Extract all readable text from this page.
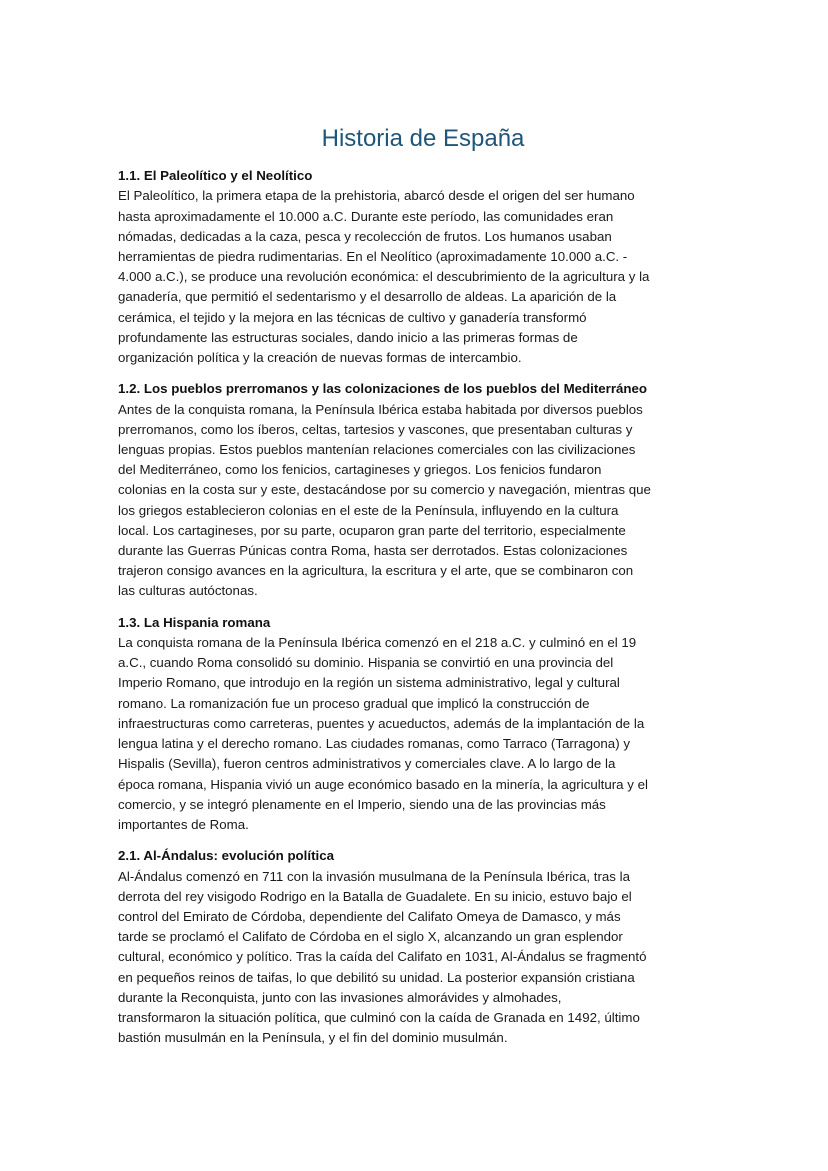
Historia de España

1.1. El Paleolítico y el Neolítico

El Paleolítico, la primera etapa de la prehistoria, abarcó desde el origen del ser humano
hasta aproximadamente el 10.000 a.C. Durante este período, las comunidades eran
nómadas, dedicadas a la caza, pesca y recolección de frutos. Los humanos usaban
herramientas de piedra rudimentarias. En el Neolítico (aproximadamente 10.000 a.C. -
4.000 a.C.), se produce una revolución económica: el descubrimiento de la agricultura y la
ganadería, que permitió el sedentarismo y el desarrollo de aldeas. La aparición de la
cerámica, el tejido y la mejora en las técnicas de cultivo y ganadería transformó
profundamente las estructuras sociales, dando inicio a las primeras formas de
organización política y la creación de nuevas formas de intercambio.

1.2. Los pueblos prerromanos y las colonizaciones de los pueblos del Mediterráneo

Antes de la conquista romana, la Península Ibérica estaba habitada por diversos pueblos
prerromanos, como los íberos, celtas, tartesios y vascones, que presentaban culturas y
lenguas propias. Estos pueblos mantenían relaciones comerciales con las civilizaciones
del Mediterráneo, como los fenicios, cartagineses y griegos. Los fenicios fundaron
colonias en la costa sur y este, destacándose por su comercio y navegación, mientras que
los griegos establecieron colonias en el este de la Península, influyendo en la cultura
local. Los cartagineses, por su parte, ocuparon gran parte del territorio, especialmente
durante las Guerras Púnicas contra Roma, hasta ser derrotados. Estas colonizaciones
trajeron consigo avances en la agricultura, la escritura y el arte, que se combinaron con
las culturas autóctonas.

1.3. La Hispania romana

La conquista romana de la Península Ibérica comenzó en el 218 a.C. y culminó en el 19
a.C., cuando Roma consolidó su dominio. Hispania se convirtió en una provincia del
Imperio Romano, que introdujo en la región un sistema administrativo, legal y cultural
romano. La romanización fue un proceso gradual que implicó la construcción de
infraestructuras como carreteras, puentes y acueductos, además de la implantación de la
lengua latina y el derecho romano. Las ciudades romanas, como Tarraco (Tarragona) y
Hispalis (Sevilla), fueron centros administrativos y comerciales clave. A lo largo de la
época romana, Hispania vivió un auge económico basado en la minería, la agricultura y el
comercio, y se integró plenamente en el Imperio, siendo una de las provincias más
importantes de Roma.

2.1. Al-Ándalus: evolución política

Al-Ándalus comenzó en 711 con la invasión musulmana de la Península Ibérica, tras la
derrota del rey visigodo Rodrigo en la Batalla de Guadalete. En su inicio, estuvo bajo el
control del Emirato de Córdoba, dependiente del Califato Omeya de Damasco, y más
tarde se proclamó el Califato de Córdoba en el siglo X, alcanzando un gran esplendor
cultural, económico y político. Tras la caída del Califato en 1031, Al-Ándalus se fragmentó
en pequeños reinos de taifas, lo que debilitó su unidad. La posterior expansión cristiana
durante la Reconquista, junto con las invasiones almorávides y almohades,
transformaron la situación política, que culminó con la caída de Granada en 1492, último
bastión musulmán en la Península, y el fin del dominio musulmán.
